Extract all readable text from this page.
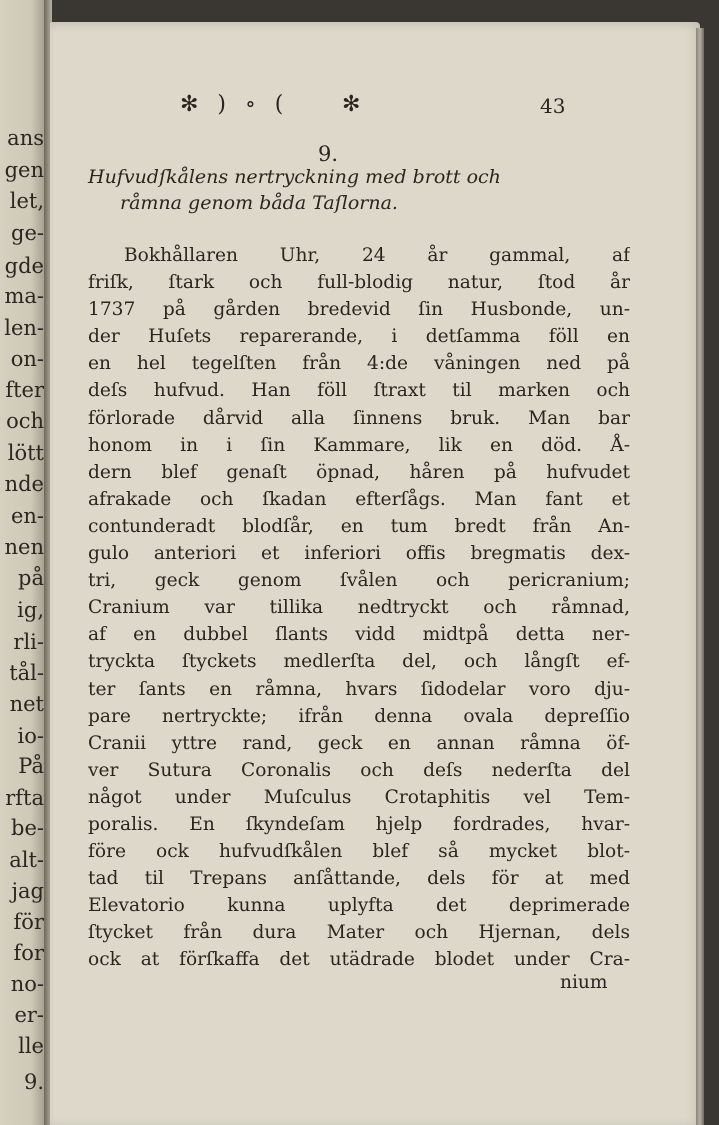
ans
gen
let,
ge-
gde
ma-
len-
on-
fter
och
lött
nde
en-
nen
på
ig,
rli-
tål-
net
io-
På
rfta
be-
alt-
jag
för
for
no-
er-
lle
9.
✻ ) ∘ ( ✻	43
9.
Hufvudſkålens nertryckning med brott och
råmna genom båda Taſlorna.
Bokhållaren Uhr, 24 år gammal, af
friſk, ſtark och full-blodig natur, ſtod år
1737 på gården bredevid ſin Husbonde, un-
der Huſets reparerande, i detſamma föll en
en hel tegelſten från 4:de våningen ned på
deſs hufvud. Han föll ſtraxt til marken och
förlorade dårvid alla ſinnens bruk. Man bar
honom in i ſin Kammare, lik en död. Å-
dern blef genaſt öpnad, håren på hufvudet
afrakade och ſkadan efterſågs. Man fant et
contunderadt blodſår, en tum bredt från An-
gulo anteriori et inferiori offis bregmatis dex-
tri, geck genom ſvålen och pericranium;
Cranium var tillika nedtryckt och råmnad,
af en dubbel ſlants vidd midtpå detta ner-
tryckta ſtyckets medlerſta del, och långſt ef-
ter ſants en råmna, hvars ſidodelar voro dju-
pare nertryckte; ifrån denna ovala depreſſio
Cranii yttre rand, geck en annan råmna öf-
ver Sutura Coronalis och deſs nederſta del
något under Muſculus Crotaphitis vel Tem-
poralis. En ſkyndeſam hjelp fordrades, hvar-
före ock hufvudſkålen blef så mycket blot-
tad til Trepans anſåttande, dels för at med
Elevatorio kunna uplyfta det deprimerade
ſtycket från dura Mater och Hjernan, dels
ock at förſkaffa det utädrade blodet under Cra-
nium
